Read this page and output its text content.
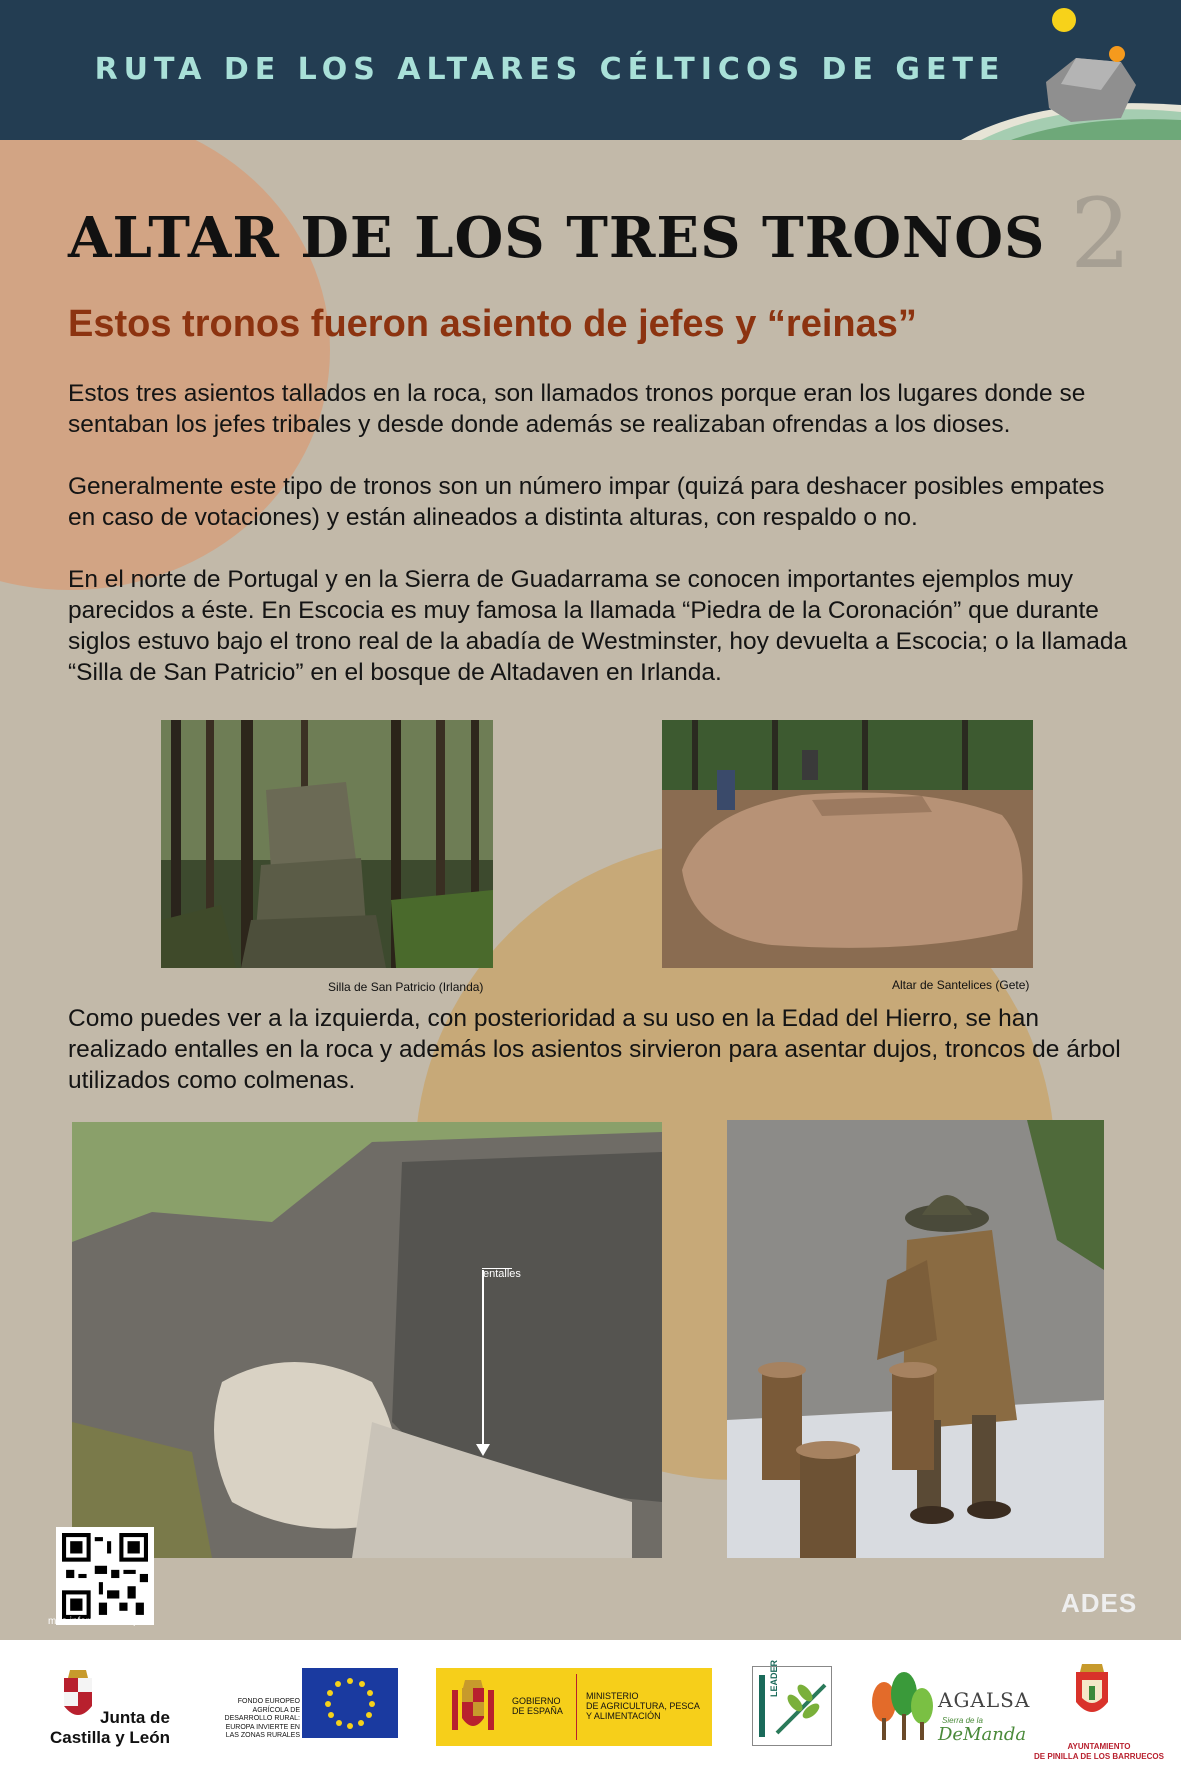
RUTA DE LOS ALTARES CÉLTICOS DE GETE
ALTAR DE LOS TRES TRONOS 2
Estos tronos fueron asiento de jefes y “reinas”

Estos tres asientos tallados en la roca, son llamados tronos porque eran los lugares donde se sentaban los jefes tribales y desde donde además se realizaban ofrendas a los dioses.

Generalmente este tipo de tronos son un número impar (quizá para deshacer posibles empates en caso de votaciones) y están alineados a distinta alturas, con respaldo o no.

En el norte de Portugal y en la Sierra de Guadarrama se conocen importantes ejemplos muy parecidos a éste. En Escocia es muy famosa la llamada “Piedra de la Coronación” que durante siglos estuvo bajo el trono real de la abadía de Westminster, hoy devuelta a Escocia; o la llamada “Silla de San Patricio” en el bosque de Altadaven en Irlanda.

Silla de San Patricio (Irlanda)	Altar de Santelices (Gete)

Como puedes ver a la izquierda, con posterioridad a su uso en la Edad del Hierro, se han realizado entalles en la roca y además los asientos sirvieron para asentar dujos, troncos de árbol utilizados como colmenas.

entalles
más información aquí
ADES
Junta de
Castilla y León
FONDO EUROPEO
AGRÍCOLA DE
DESARROLLO RURAL:
EUROPA INVIERTE EN
LAS ZONAS RURALES
GOBIERNO
DE ESPAÑA
MINISTERIO
DE AGRICULTURA, PESCA
Y ALIMENTACIÓN
LEADER
AGALSA
Sierra de la
DeManda
AYUNTAMIENTO
DE PINILLA DE LOS BARRUECOS
